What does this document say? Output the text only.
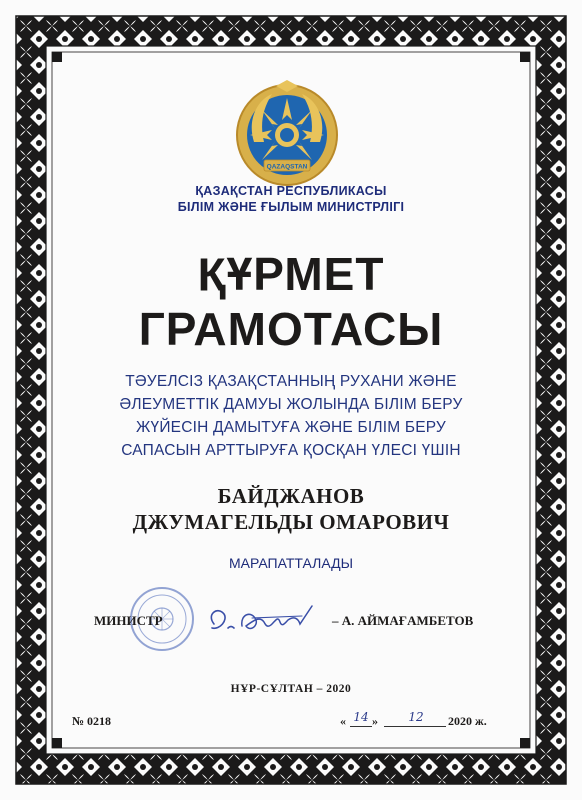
QAZAQSTAN
ҚАЗАҚСТАН РЕСПУБЛИКАСЫ
БІЛІМ ЖӘНЕ ҒЫЛЫМ МИНИСТРЛІГІ
ҚҰРМЕТ
ГРАМОТАСЫ
ТӘУЕЛСІЗ ҚАЗАҚСТАННЫҢ РУХАНИ ЖӘНЕ
ӘЛЕУМЕТТІК ДАМУЫ ЖОЛЫНДА БІЛІМ БЕРУ
ЖҮЙЕСІН ДАМЫТУҒА ЖӘНЕ БІЛІМ БЕРУ
САПАСЫН АРТТЫРУҒА ҚОСҚАН ҮЛЕСІ ҮШІН
БАЙДЖАНОВ
ДЖУМАГЕЛЬДЫ ОМАРОВИЧ
МАРАПАТТАЛАДЫ
МИНИСТР	– А. АЙМАҒАМБЕТОВ
НҰР-СҰЛТАН – 2020
№ 0218	« 14 »	12	2020 ж.
